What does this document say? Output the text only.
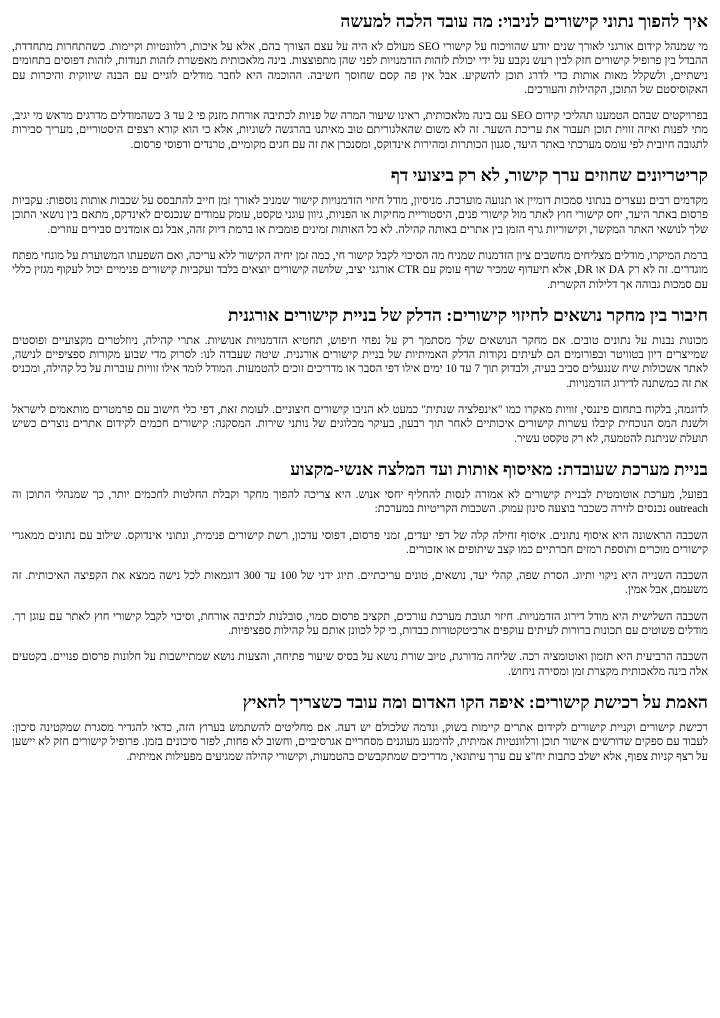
איך להפוך נתוני קישורים לניבוי: מה עובד הלכה למעשה

מי שמנהל קידום אורגני לאורך שנים יודע שהוויכוח על קישורי SEO מעולם לא היה על עצם הצורך בהם, אלא על איכות, רלוונטיות וקיימות. כשהתחרות מתחדדת, ההבדל בין פרופיל קישורים חזק לבין רעש נקבע על ידי יכולת לזהות הזדמנויות לפני שהן מתפוצצות. בינה מלאכותית מאפשרת לזהות תנודות, לזהות דפוסים בתחומים נישתיים, ולשקלל מאות אותות כדי לדרג תוכן להשקיע. אבל אין פה קסם שחוסך חשיבה. ההוכמה היא לחבר מודלים לוגיים עם הבנה שיווקית והיכרות עם האקוסיסטם של התוכן, הקהילות והעורכים.

בפרויקטים שבהם הטמענו תהליכי קידום SEO עם בינה מלאכותית, ראינו שיעור המרה של פניות לכתיבה אורחת מזנק פי 2 עד 3 כשהמודלים מדרגים מראש מי יגיב, מתי לפנות ואיזה זווית תוכן תעבור את עריכת השער. זה לא משום שהאלגוריתם טוב מאיתנו בהרגשה לשוניות, אלא כי הוא קורא רצפים היסטוריים, מעריך סבירות לתגובה חיובית לפי עומס מערכתי באתר היעד, סגנון הכותרות ומהירות אינדוקס, ומסנכרן את זה עם חגים מקומיים, טרנדים ודפוסי פרסום.

קריטריונים שחוזים ערך קישור, לא רק ביצועי דף

מקדמים רבים נעצרים בנתוני סמכות דומיין או תנועה מוערכת. מניסיון, מודל חיזוי הזדמנויות קישור שמניב לאורך זמן חייב להתבסס על שכבות אותות נוספות: עקביות פרסום באתר היעד, יחס קישורי חוץ לאתר מול קישורי פנים, היסטוריית מחיקות או הפניות, גיוון עוגני טקסט, עומק עמודים שנכנסים לאינדקס, מתאם בין נושאי התוכן שלך לנושאי האתר המקשר, וקישוריות גרף הזמן בין אתרים באותה קהילה. לא כל האותות זמינים פומבית או ברמת דיוק זהה, אבל גם אומדנים סבירים עוזרים.

ברמת המיקרו, מודלים מצליחים מחשבים ציון הזדמנות שמניח מה הסיכוי לקבל קישור חי, כמה זמן יחיה הקישור ללא עריכה, ואם השפעתו המשוערת על מונחי מפתח מוגדרים. זה לא רק DA או DR, אלא תיעדוף שמכיר שדף עומק עם CTR אורגני יציב, שלושה קישורים יוצאים בלבד ועקביות קישורים פנימיים יכול לעקוף מגזין כללי עם סמכות גבוהה אך דלילות הקשרית.

חיבור בין מחקר נושאים לחיזוי קישורים: הדלק של בניית קישורים אורגנית

מכונות נבנות על נתונים טובים. אם מחקר הנושאים שלך מסתמך רק על נפחי חיפוש, תחטיא הזדמנויות אנושיות. אתרי קהילה, ניוזלטרים מקצועיים ופוסטים שמייצרים דיון בטוויטר ובפורומים הם לעיתים נקודות הדלק האמיתיות של בניית קישורים אורגנית. שיטה שעבדה לנו: לסרוק מדי שבוע מקורות ספציפיים לנישה, לאתר אשכולות שיח שנגעלים סביב בעיה, ולבדוק תוך 7 עד 10 ימים אילו דפי הסבר או מדריכים זוכים להטמעות. המודל לומד אילו זוויות עוברות על כל קהילה, ומכניס את זה כמשתנה לדירוג הזדמנויות.

לדוגמה, בלקוח בתחום פיננסי, זוויות מאקרו כמו "אינפלציה שנתית" כמעט לא הניבו קישורים חיצוניים. לעומת זאת, דפי כלי חישוב עם פרמטרים מותאמים לישראל ולשנת המס הנוכחית קיבלו עשרות קישורים איכותיים לאחר תוך רבעון, בעיקר מבלוגים של נותני שירות. המסקנה: קישורים חכמים לקידום אתרים נוצרים כשיש תועלת שניתנת להטמעה, לא רק טקסט עשיר.

בניית מערכת שעובדת: מאיסוף אותות ועד המלצה אנשי-מקצוע

בפועל, מערכת אוטומטית לבניית קישורים לא אמורה לנסות להחליף יחסי אנוש. היא צריכה להפוך מחקר וקבלת החלטות לחכמים יותר, כך שמנהלי התוכן וה outreach נכנסים לזירה כשכבר בוצעה סינון עמוק. השכבות הקריטיות במערכת:

השכבה הראשונה היא איסוף נתונים. איסוף זחילה קלה של דפי יעדים, זמני פרסום, דפוסי עדכון, רשת קישורים פנימית, ונתוני אינדוקס. שילוב עם נתונים ממאגרי קישורים מוכרים ותוספת רמזים חברתיים כמו קצב שיתופים או אזכורים.

השכבה השנייה היא ניקוי ותיוג. הסרת שפה, קהלי יעד, נושאים, טונים עריכתיים. תיוג ידני של 100 עד 300 דוגמאות לכל נישה ממצא את הקפיצה האיכותית. זה משעמם, אבל אמין.

השכבה השלישית היא מודל דירוג הזדמנויות. חיזוי תגובת מערכת עורכים, תקציב פרסום סמוי, סובלנות לכתיבה אורחת, וסיכוי לקבל קישורי חוץ לאתר עם עוגן רך. מודלים פשוטים עם תכונות ברורות לעיתים עוקפים ארכיטקטורות כבדות, כי קל לכוונן אותם על קהילות ספציפיות.

השכבה הרביעית היא תזמון ואוטומציה רכה. שליחה מדורגת, טיוב שורת נושא על בסיס שיעור פתיחה, והצעות נושא שמתיישבות על חלונות פרסום פנויים. בקטעים אלה בינה מלאכותית מקצרת זמן ומסירה ניחוש.

האמת על רכישת קישורים: איפה הקו האדום ומה עובד כשצריך להאיץ

רכישת קישורים וקניית קישורים לקידום אתרים קיימות בשוק, ונדמה שלכולם יש דעה. אם מחליטים להשתמש בערוץ הזה, כדאי להגדיר מסגרת שמקטינה סיכון: לעבוד עם ספקים שדורשים אישור תוכן ורלוונטיות אמיתית, להימנע מעוגנים מסחריים אגרסיביים, וחשוב לא פחות, לפזר סיכונים בזמן. פרופיל קישורים חזק לא יישען על רצף קניות צפוף, אלא ישלב כתבות יח"צ עם ערך עיתונאי, מדריכים שמתקבשים בהטמעות, וקישורי קהילה שמגיעים מפעילות אמיתית.
